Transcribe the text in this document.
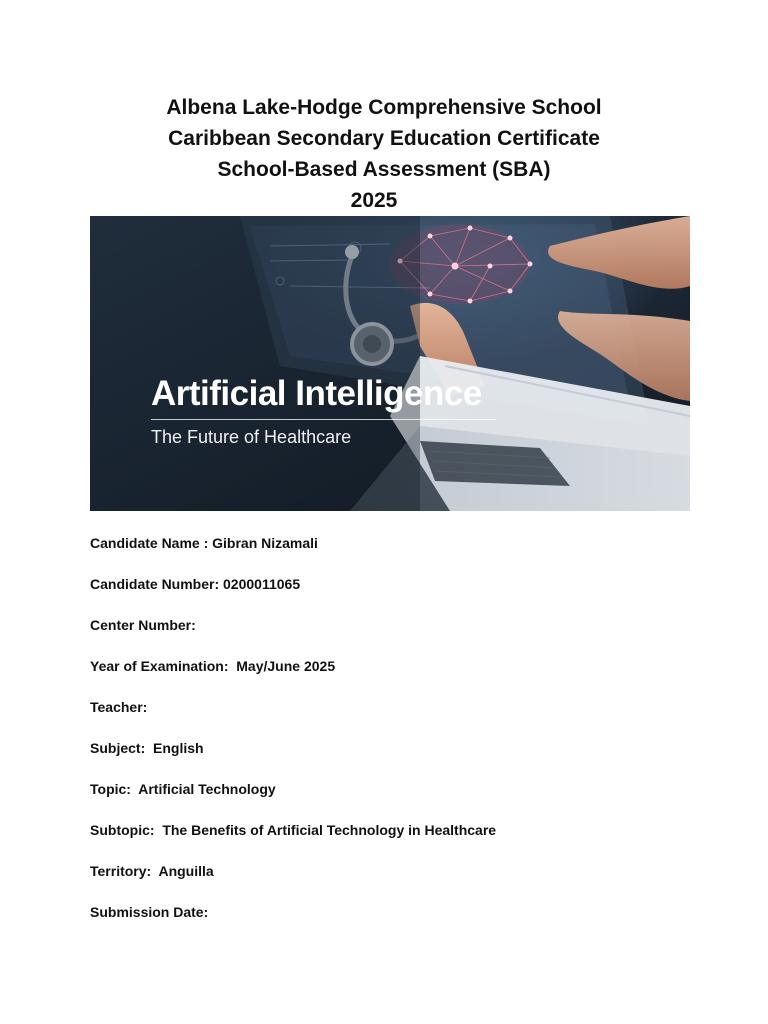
Albena Lake-Hodge Comprehensive School
Caribbean Secondary Education Certificate
School-Based Assessment (SBA)
2025
Artificial Intelligence
The Future of Healthcare
Candidate Name : Gibran Nizamali
Candidate Number: 0200011065
Center Number:
Year of Examination:  May/June 2025
Teacher:
Subject:  English
Topic:  Artificial Technology
Subtopic:  The Benefits of Artificial Technology in Healthcare
Territory:  Anguilla
Submission Date:
